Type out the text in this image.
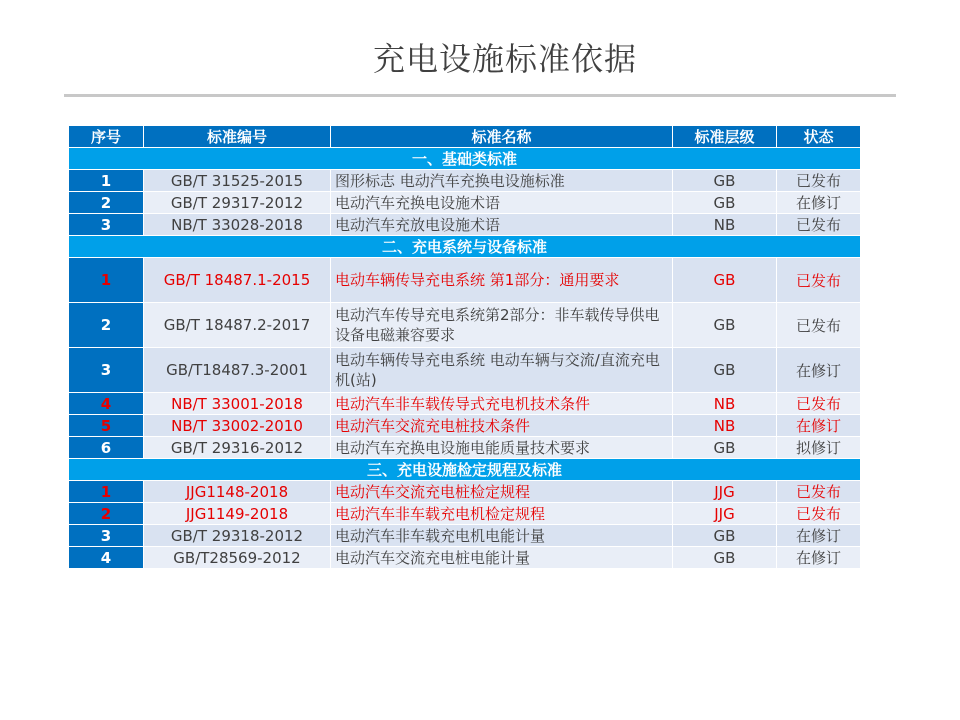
充电设施标准依据
序号	标准编号	标准名称	标准层级	状态
一、基础类标准				
1	GB/T 31525-2015	图形标志 电动汽车充换电设施标准	GB	已发布
2	GB/T 29317-2012	电动汽车充换电设施术语	GB	在修订
3	NB/T 33028-2018	电动汽车充放电设施术语	NB	已发布
二、充电系统与设备标准				
1	GB/T 18487.1-2015	电动车辆传导充电系统 第1部分：通用要求	GB	已发布
2	GB/T 18487.2-2017	电动汽车传导充电系统第2部分：非车载传导供电设备电磁兼容要求	GB	已发布
3	GB/T18487.3-2001	电动车辆传导充电系统 电动车辆与交流/直流充电机(站)	GB	在修订
4	NB/T 33001-2018	电动汽车非车载传导式充电机技术条件	NB	已发布
5	NB/T 33002-2010	电动汽车交流充电桩技术条件	NB	在修订
6	GB/T 29316-2012	电动汽车充换电设施电能质量技术要求	GB	拟修订
三、充电设施检定规程及标准				
1	JJG1148-2018	电动汽车交流充电桩检定规程	JJG	已发布
2	JJG1149-2018	电动汽车非车载充电机检定规程	JJG	已发布
3	GB/T 29318-2012	电动汽车非车载充电机电能计量	GB	在修订
4	GB/T28569-2012	电动汽车交流充电桩电能计量	GB	在修订
